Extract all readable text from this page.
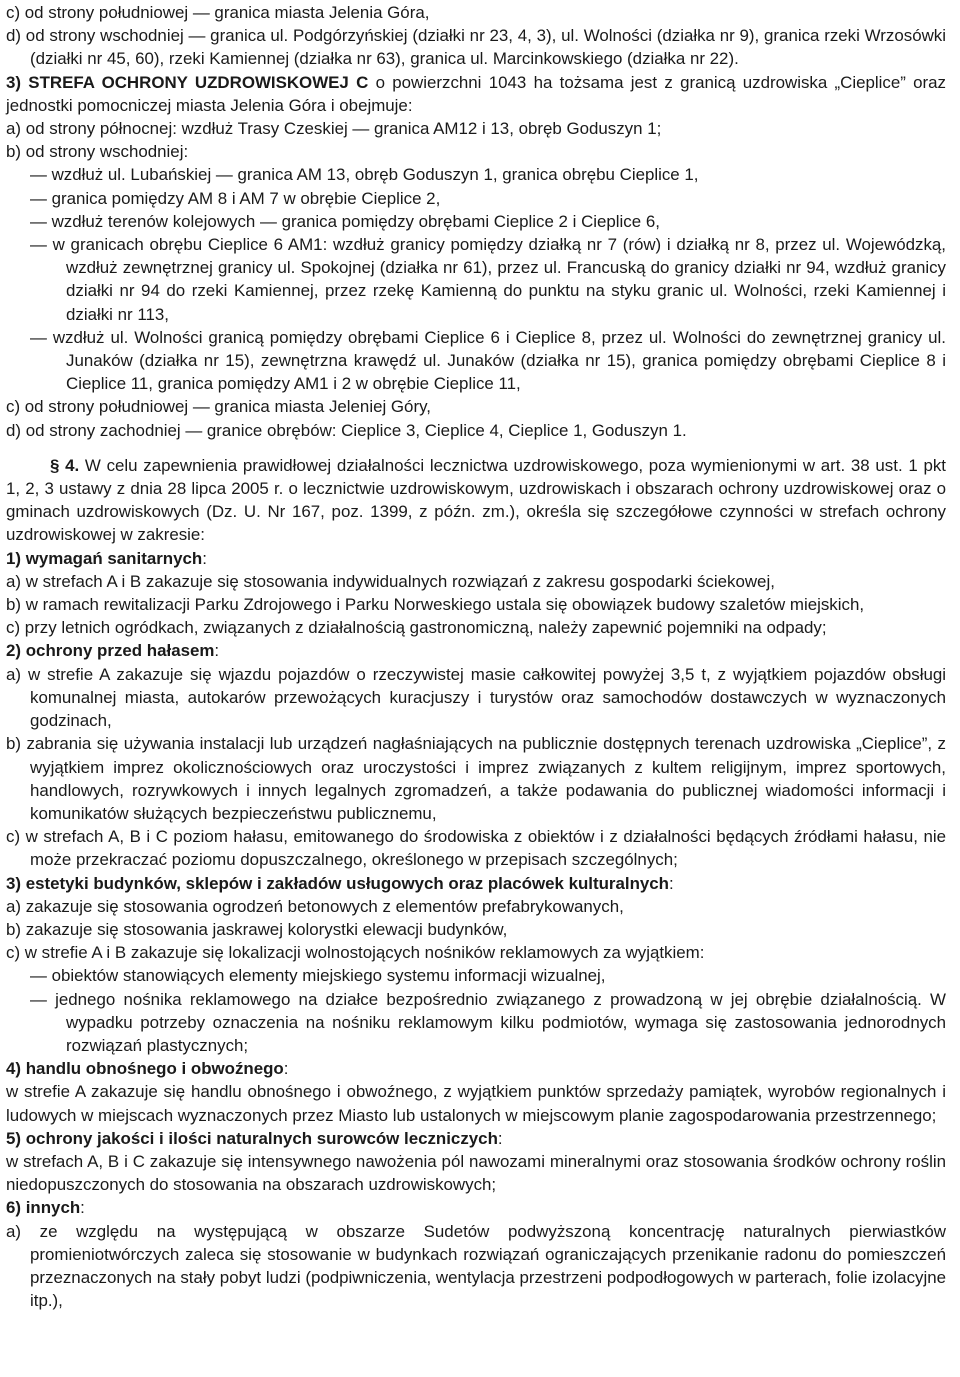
c) od strony południowej — granica miasta Jelenia Góra,
d) od strony wschodniej — granica ul. Podgórzyńskiej (działki nr 23, 4, 3), ul. Wolności (działka nr 9), granica rzeki Wrzosówki (działki nr 45, 60), rzeki Kamiennej (działka nr 63), granica ul. Marcinkowskiego (działka nr 22).
3) STREFA OCHRONY UZDROWISKOWEJ C o powierzchni 1043 ha tożsama jest z granicą uzdrowiska „Cieplice” oraz jednostki pomocniczej miasta Jelenia Góra i obejmuje:
a) od strony północnej: wzdłuż Trasy Czeskiej — granica AM12 i 13, obręb Goduszyn 1;
b) od strony wschodniej:
— wzdłuż ul. Lubańskiej — granica AM 13, obręb Goduszyn 1, granica obrębu Cieplice 1,
— granica pomiędzy AM 8 i AM 7 w obrębie Cieplice 2,
— wzdłuż terenów kolejowych — granica pomiędzy obrębami Cieplice 2 i Cieplice 6,
— w granicach obrębu Cieplice 6 AM1: wzdłuż granicy pomiędzy działką nr 7 (rów) i działką nr 8, przez ul. Wojewódzką, wzdłuż zewnętrznej granicy ul. Spokojnej (działka nr 61), przez ul. Francuską do granicy działki nr 94, wzdłuż granicy działki nr 94 do rzeki Kamiennej, przez rzekę Kamienną do punktu na styku granic ul. Wolności, rzeki Kamiennej i działki nr 113,
— wzdłuż ul. Wolności granicą pomiędzy obrębami Cieplice 6 i Cieplice 8, przez ul. Wolności do zewnętrznej granicy ul. Junaków (działka nr 15), zewnętrzna krawędź ul. Junaków (działka nr 15), granica pomiędzy obrębami Cieplice 8 i Cieplice 11, granica pomiędzy AM1 i 2 w obrębie Cieplice 11,
c) od strony południowej — granica miasta Jeleniej Góry,
d) od strony zachodniej — granice obrębów: Cieplice 3, Cieplice 4, Cieplice 1, Goduszyn 1.
§ 4. W celu zapewnienia prawidłowej działalności lecznictwa uzdrowiskowego, poza wymienionymi w art. 38 ust. 1 pkt 1, 2, 3 ustawy z dnia 28 lipca 2005 r. o lecznictwie uzdrowiskowym, uzdrowiskach i obszarach ochrony uzdrowiskowej oraz o gminach uzdrowiskowych (Dz. U. Nr 167, poz. 1399, z późn. zm.), określa się szczegółowe czynności w strefach ochrony uzdrowiskowej w zakresie:
1) wymagań sanitarnych:
a) w strefach A i B zakazuje się stosowania indywidualnych rozwiązań z zakresu gospodarki ściekowej,
b) w ramach rewitalizacji Parku Zdrojowego i Parku Norweskiego ustala się obowiązek budowy szaletów miejskich,
c) przy letnich ogródkach, związanych z działalnością gastronomiczną, należy zapewnić pojemniki na odpady;
2) ochrony przed hałasem:
a) w strefie A zakazuje się wjazdu pojazdów o rzeczywistej masie całkowitej powyżej 3,5 t, z wyjątkiem pojazdów obsługi komunalnej miasta, autokarów przewożących kuracjuszy i turystów oraz samochodów dostawczych w wyznaczonych godzinach,
b) zabrania się używania instalacji lub urządzeń nagłaśniających na publicznie dostępnych terenach uzdrowiska „Cieplice”, z wyjątkiem imprez okolicznościowych oraz uroczystości i imprez związanych z kultem religijnym, imprez sportowych, handlowych, rozrywkowych i innych legalnych zgromadzeń, a także podawania do publicznej wiadomości informacji i komunikatów służących bezpieczeństwu publicznemu,
c) w strefach A, B i C poziom hałasu, emitowanego do środowiska z obiektów i z działalności będących źródłami hałasu, nie może przekraczać poziomu dopuszczalnego, określonego w przepisach szczególnych;
3) estetyki budynków, sklepów i zakładów usługowych oraz placówek kulturalnych:
a) zakazuje się stosowania ogrodzeń betonowych z elementów prefabrykowanych,
b) zakazuje się stosowania jaskrawej kolorystki elewacji budynków,
c) w strefie A i B zakazuje się lokalizacji wolnostojących nośników reklamowych za wyjątkiem:
— obiektów stanowiących elementy miejskiego systemu informacji wizualnej,
— jednego nośnika reklamowego na działce bezpośrednio związanego z prowadzoną w jej obrębie działalnością. W wypadku potrzeby oznaczenia na nośniku reklamowym kilku podmiotów, wymaga się zastosowania jednorodnych rozwiązań plastycznych;
4) handlu obnośnego i obwoźnego:
w strefie A zakazuje się handlu obnośnego i obwoźnego, z wyjątkiem punktów sprzedaży pamiątek, wyrobów regionalnych i ludowych w miejscach wyznaczonych przez Miasto lub ustalonych w miejscowym planie zagospodarowania przestrzennego;
5) ochrony jakości i ilości naturalnych surowców leczniczych:
w strefach A, B i C zakazuje się intensywnego nawożenia pól nawozami mineralnymi oraz stosowania środków ochrony roślin niedopuszczonych do stosowania na obszarach uzdrowiskowych;
6) innych:
a) ze względu na występującą w obszarze Sudetów podwyższoną koncentrację naturalnych pierwiastków promieniotwórczych zaleca się stosowanie w budynkach rozwiązań ograniczających przenikanie radonu do pomieszczeń przeznaczonych na stały pobyt ludzi (podpiwniczenia, wentylacja przestrzeni podpodłogowych w parterach, folie izolacyjne itp.),
